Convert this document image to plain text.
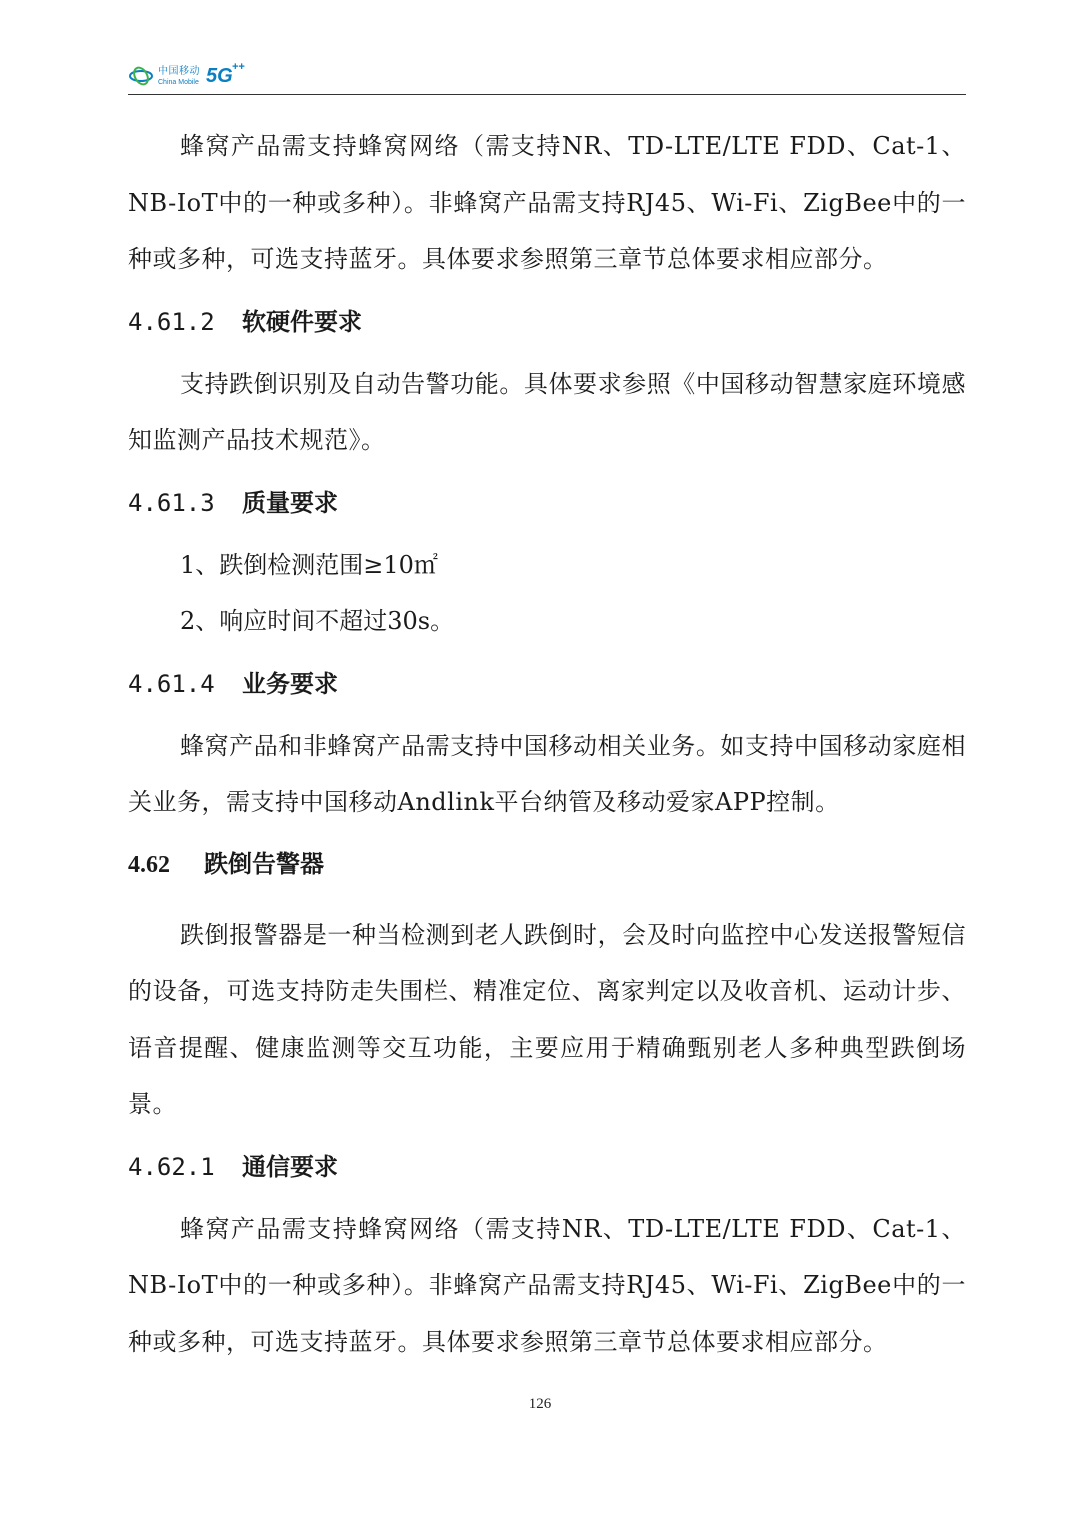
中国移动
China Mobile 5G ++

蜂窝产品需支持蜂窝网络（需支持NR、TD-LTE/LTE FDD、Cat-1、NB-IoT中的一种或多种）。非蜂窝产品需支持RJ45、Wi-Fi、ZigBee中的一种或多种，可选支持蓝牙。具体要求参照第三章节总体要求相应部分。

4.61.2	软硬件要求

支持跌倒识别及自动告警功能。具体要求参照《中国移动智慧家庭环境感知监测产品技术规范》。

4.61.3	质量要求

1、跌倒检测范围≥10㎡

2、响应时间不超过30s。

4.61.4	业务要求

蜂窝产品和非蜂窝产品需支持中国移动相关业务。如支持中国移动家庭相关业务，需支持中国移动Andlink平台纳管及移动爱家APP控制。

4.62	跌倒告警器

跌倒报警器是一种当检测到老人跌倒时，会及时向监控中心发送报警短信的设备，可选支持防走失围栏、精准定位、离家判定以及收音机、运动计步、语音提醒、健康监测等交互功能，主要应用于精确甄别老人多种典型跌倒场景。

4.62.1	通信要求

蜂窝产品需支持蜂窝网络（需支持NR、TD-LTE/LTE FDD、Cat-1、NB-IoT中的一种或多种）。非蜂窝产品需支持RJ45、Wi-Fi、ZigBee中的一种或多种，可选支持蓝牙。具体要求参照第三章节总体要求相应部分。

126
